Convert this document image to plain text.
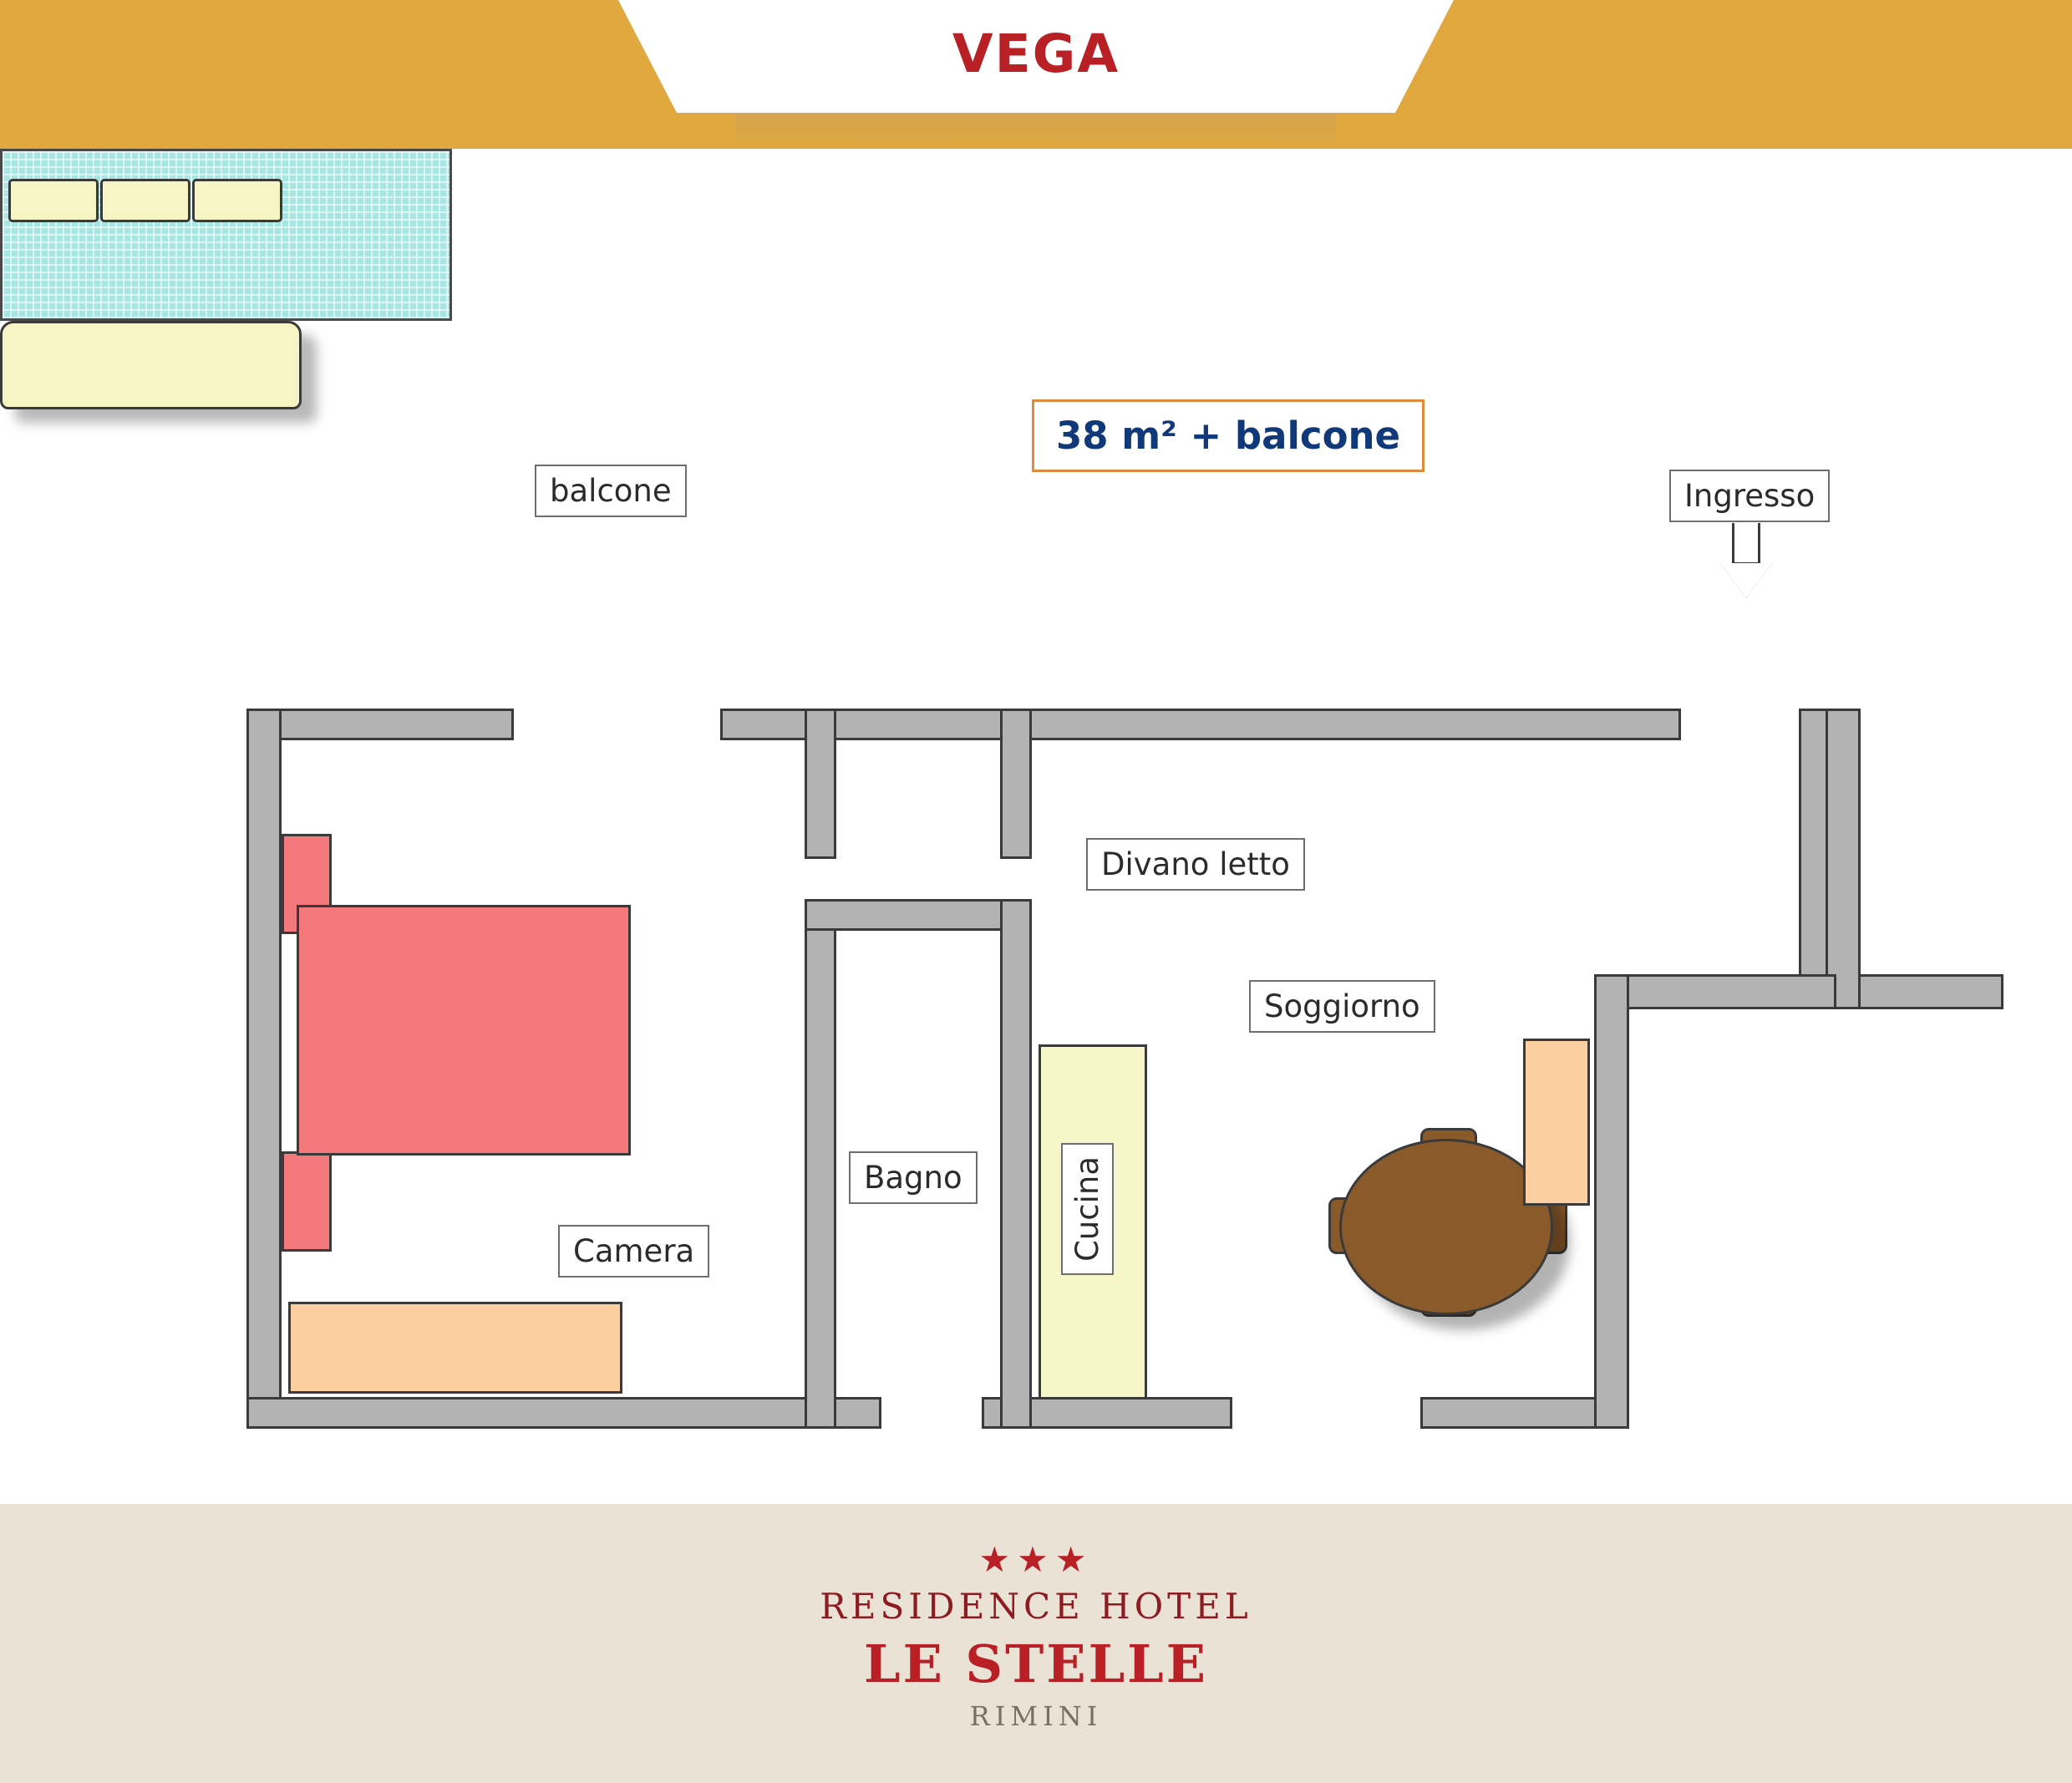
VEGA
balcone
38 m² + balcone
Ingresso
Camera
Bagno	Cucina
Divano letto
Soggiorno
★★★
RESIDENCE HOTEL
LE STELLE
RIMINI
